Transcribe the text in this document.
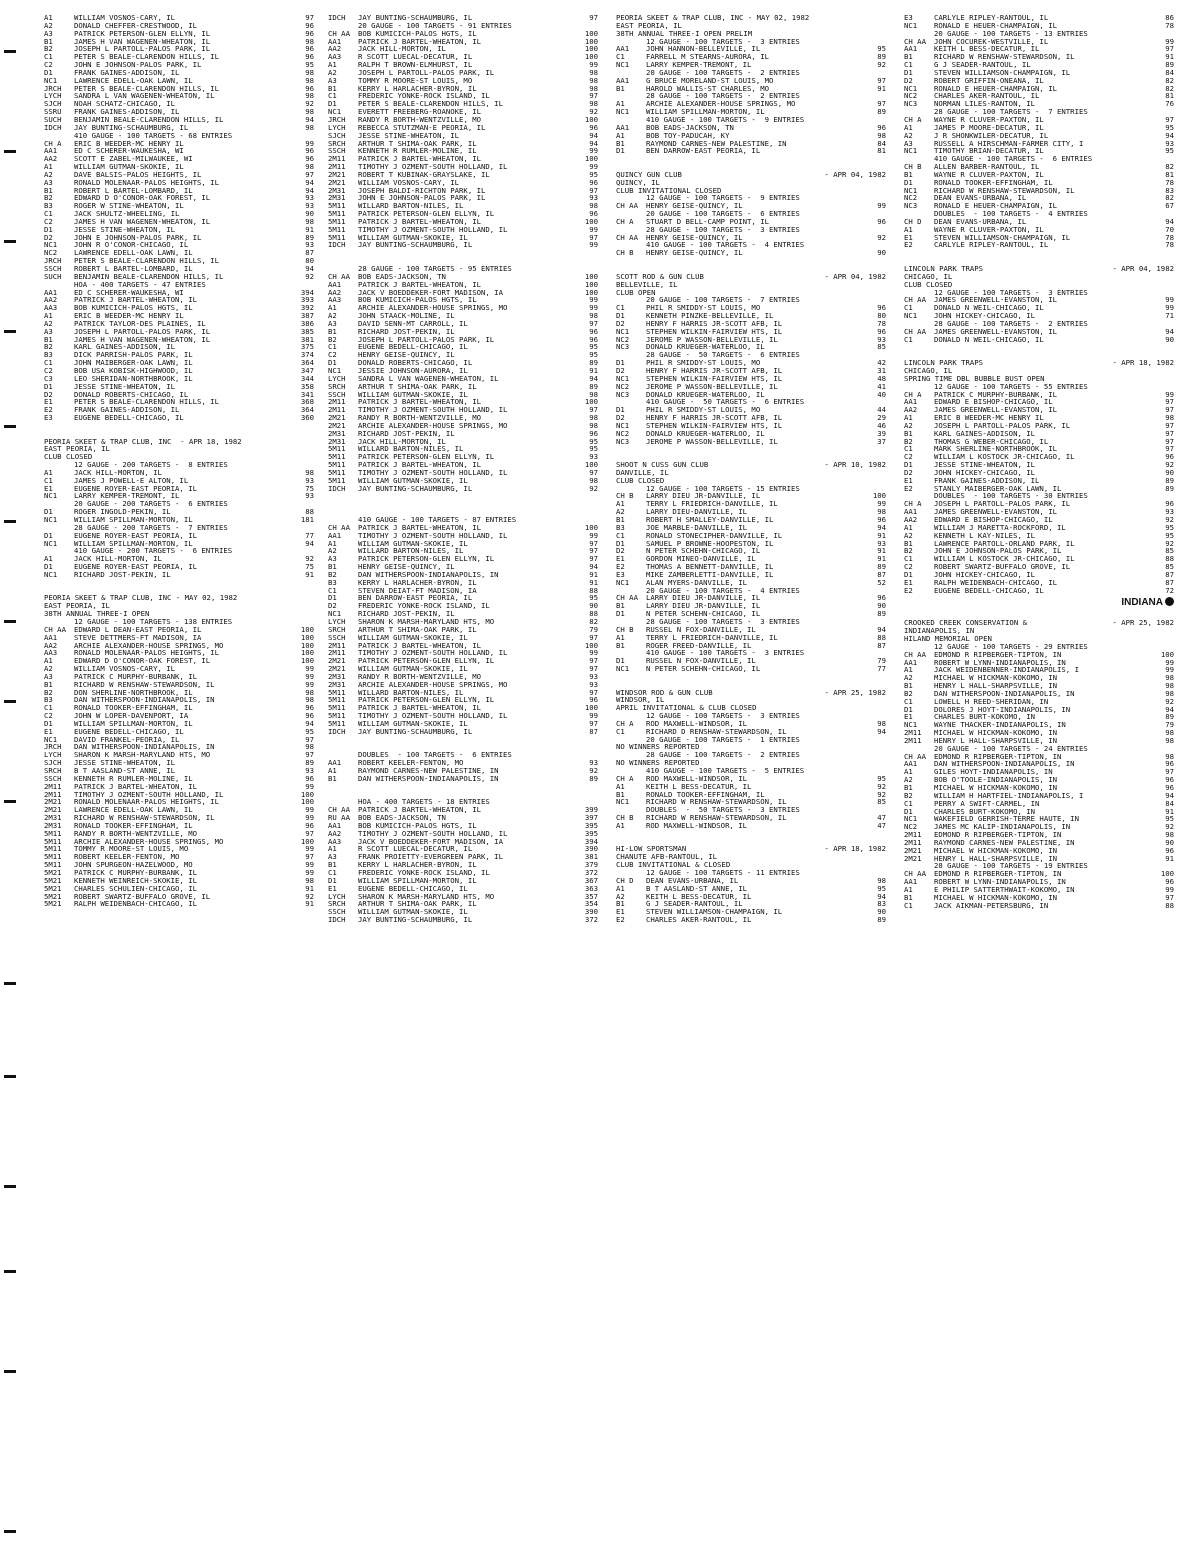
A1	WILLIAM VOSNOS-CARY, IL	97
A2	DONALD CHEFFER-CRESTWOOD, IL	96
A3	PATRICK PETERSON-GLEN ELLYN, IL	96
B1	JAMES H VAN WAGENEN-WHEATON, IL	98
B2	JOSEPH L PARTOLL-PALOS PARK, IL	96
C1	PETER S BEALE-CLARENDON HILLS, IL	96
C2	JOHN E JOHNSON-PALOS PARK, IL	95
D1	FRANK GAINES-ADDISON, IL	98
NC1	LAWRENCE EDELL-OAK LAWN, IL	98
JRCH	PETER S BEALE-CLARENDON HILLS, IL	96
LYCH	SANDRA L VAN WAGENEN-WHEATON, IL	98
SJCH	NOAH SCHATZ-CHICAGO, IL	92
SSRU	FRANK GAINES-ADDISON, IL	98
SUCH	BENJAMIN BEALE-CLARENDON HILLS, IL	94
IDCH	JAY BUNTING-SCHAUMBURG, IL	98
410 GAUGE - 100 TARGETS - 68 ENTRIES
CH A	ERIC B WEEDER-MC HENRY IL	99
AA1	ED C SCHERER-WAUKESHA, WI	96
AA2	SCOTT E ZABEL-MILWAUKEE, WI	96
A1	WILLIAM GUTMAN-SKOKIE, IL	98
A2	DAVE BALSIS-PALOS HEIGHTS, IL	97
A3	RONALD MOLENAAR-PALOS HEIGHTS, IL	94
B1	ROBERT L BARTEL-LOMBARD, IL	94
B2	EDWARD D O'CONOR-OAK FOREST, IL	93
B3	ROGER W STINE-WHEATON, IL	93
C1	JACK SHULTZ-WHEELING, IL	90
C2	JAMES H VAN WAGENEN-WHEATON, IL	98
D1	JESSE STINE-WHEATON, IL	91
D2	JOHN E JOHNSON-PALOS PARK, IL	89
NC1	JOHN R O'CONOR-CHICAGO, IL	93
NC2	LAWRENCE EDELL-OAK LAWN, IL	87
JRCH	PETER S BEALE-CLARENDON HILLS, IL	80
SSCH	ROBERT L BARTEL-LOMBARD, IL	94
SUCH	BENJAMIN BEALE-CLARENDON HILLS, IL	92
HOA - 400 TARGETS - 47 ENTRIES
AA1	ED C SCHERER-WAUKESHA, WI	394
AA2	PATRICK J BARTEL-WHEATON, IL	393
AA3	BOB KUMICICH-PALOS HGTS, IL	392
A1	ERIC B WEEDER-MC HENRY IL	387
A2	PATRICK TAYLOR-DES PLAINES, IL	386
A3	JOSEPH L PARTOLL-PALOS PARK, IL	385
B1	JAMES H VAN WAGENEN-WHEATON, IL	381
B2	KARL GAINES-ADDISON, IL	375
B3	DICK PARRISH-PALOS PARK, IL	374
C1	JOHN MAIBERGER-OAK LAWN, IL	364
C2	BOB USA KOBISK-HIGHWOOD, IL	347
C3	LEO SHERIDAN-NORTHBROOK, IL	344
D1	JESSE STINE-WHEATON, IL	358
D2	DONALD ROBERTS-CHICAGO, IL	341
E1	PETER S BEALE-CLARENDON HILLS, IL	368
E2	FRANK GAINES-ADDISON, IL	364
E3	EUGENE BEDELL-CHICAGO, IL	360
PEORIA SKEET & TRAP CLUB, INC  - APR 18, 1982
EAST PEORIA, IL
CLUB CLOSED
12 GAUGE - 200 TARGETS -  8 ENTRIES
A1	JACK HILL-MORTON, IL	98
C1	JAMES J POWELL-E ALTON, IL	93
E1	EUGENE ROYER-EAST PEORIA, IL	75
NC1	LARRY KEMPER-TREMONT, IL	93
20 GAUGE - 200 TARGETS -  6 ENTRIES
D1	ROGER INGOLD-PEKIN, IL	88
NC1	WILLIAM SPILLMAN-MORTON, IL	181
28 GAUGE - 200 TARGETS -  7 ENTRIES
D1	EUGENE ROYER-EAST PEORIA, IL	77
NC1	WILLIAM SPILLMAN-MORTON, IL	94
410 GAUGE - 200 TARGETS -  6 ENTRIES
A1	JACK HILL-MORTON, IL	92
D1	EUGENE ROYER-EAST PEORIA, IL	75
NC1	RICHARD JOST-PEKIN, IL	91
PEORIA SKEET & TRAP CLUB, INC - MAY 02, 1982
EAST PEORIA, IL
38TH ANNUAL THREE-I OPEN
12 GAUGE - 100 TARGETS - 138 ENTRIES
CH AA	EDWARD L DEAN-EAST PEORIA, IL	100
AA1	STEVE DETTMERS-FT MADISON, IA	100
AA2	ARCHIE ALEXANDER-HOUSE SPRINGS, MO	100
AA3	RONALD MOLENAAR-PALOS HEIGHTS, IL	100
A1	EDWARD D O'CONOR-OAK FOREST, IL	100
A2	WILLIAM VOSNOS-CARY, IL	99
A3	PATRICK C MURPHY-BURBANK, IL	99
B1	RICHARD W RENSHAW-STEWARDSON, IL	99
B2	DON SHERLINE-NORTHBROOK, IL	98
B3	DAN WITHERSPOON-INDIANAPOLIS, IN	98
C1	RONALD TOOKER-EFFINGHAM, IL	96
C2	JOHN W LOPER-DAVENPORT, IA	96
D1	WILLIAM SPILLMAN-MORTON, IL	94
E1	EUGENE BEDELL-CHICAGO, IL	95
NC1	DAVID FRANKEL-PEORIA, IL	97
JRCH	DAN WITHERSPOON-INDIANAPOLIS, IN	98
LYCH	SHARON K MARSH-MARYLAND HTS, MO	97
SJCH	JESSE STINE-WHEATON, IL	89
SRCH	B T AASLAND-ST ANNE, IL	93
SSCH	KENNETH R RUMLER-MOLINE, IL	96
2M11	PATRICK J BARTEL-WHEATON, IL	99
2M11	TIMOTHY J OZMENT-SOUTH HOLLAND, IL	100
2M21	RONALD MOLENAAR-PALOS HEIGHTS, IL	100
2M21	LAWRENCE EDELL-OAK LAWN, IL	99
2M31	RICHARD W RENSHAW-STEWARDSON, IL	99
2M31	RONALD TOOKER-EFFINGHAM, IL	96
5M11	RANDY R BORTH-WENTZVILLE, MO	97
5M11	ARCHIE ALEXANDER-HOUSE SPRINGS, MO	100
5M11	TOMMY R MOORE-ST LOUIS, MO	99
5M11	ROBERT KEELER-FENTON, MO	97
5M11	JOHN SPURGEON-HAZELWOOD, MO	99
5M21	PATRICK C MURPHY-BURBANK, IL	99
5M21	KENNETH WEINREICH-SKOKIE, IL	98
5M21	CHARLES SCHULIEN-CHICAGO, IL	91
5M21	ROBERT SWARTZ-BUFFALO GROVE, IL	92
5M21	RALPH WEIDENBACH-CHICAGO, IL	91
IDCH	JAY BUNTING-SCHAUMBURG, IL	97
20 GAUGE - 100 TARGETS - 91 ENTRIES
CH AA	BOB KUMICICH-PALOS HGTS, IL	100
AA1	PATRICK J BARTEL-WHEATON, IL	100
AA2	JACK HILL-MORTON, IL	100
AA3	R SCOTT LUECAL-DECATUR, IL	100
A1	RALPH T BROWN-ELMHURST, IL	99
A2	JOSEPH L PARTOLL-PALOS PARK, IL	98
A3	TOMMY R MOORE-ST LOUIS, MO	98
B1	KERRY L HARLACHER-BYRON, IL	98
C1	FREDERIC YONKE-ROCK ISLAND, IL	97
D1	PETER S BEALE-CLARENDON HILLS, IL	98
NC1	EVERETT FREEBERG-ROANOKE, IL	92
JRCH	RANDY R BORTH-WENTZVILLE, MO	100
LYCH	REBECCA STUTZMAN-E PEORIA, IL	96
SJCH	JESSE STINE-WHEATON, IL	94
SRCH	ARTHUR T SHIMA-OAK PARK, IL	94
SSCH	KENNETH R RUMLER-MOLINE, IL	99
2M11	PATRICK J BARTEL-WHEATON, IL	100
2M11	TIMOTHY J OZMENT-SOUTH HOLLAND, IL	99
2M21	ROBERT T KUBINAK-GRAYSLAKE, IL	95
2M21	WILLIAM VOSNOS-CARY, IL	96
2M31	JOSEPH BALDI-RICHTON PARK, IL	97
2M31	JOHN E JOHNSON-PALOS PARK, IL	93
5M11	WILLARD BARTON-NILES, IL	98
5M11	PATRICK PETERSON-GLEN ELLYN, IL	96
5M11	PATRICK J BARTEL-WHEATON, IL	100
5M11	TIMOTHY J OZMENT-SOUTH HOLLAND, IL	99
5M11	WILLIAM GUTMAN-SKOKIE, IL	97
IDCH	JAY BUNTING-SCHAUMBURG, IL	99
28 GAUGE - 100 TARGETS - 95 ENTRIES
CH AA	BOB EADS-JACKSON, TN	100
AA1	PATRICK J BARTEL-WHEATON, IL	100
AA2	JACK V BOEDDEKER-FORT MADISON, IA	100
AA3	BOB KUMICICH-PALOS HGTS, IL	99
A1	ARCHIE ALEXANDER-HOUSE SPRINGS, MO	99
A2	JOHN STAACK-MOLINE, IL	98
A3	DAVID SENN-MT CARROLL, IL	97
B1	RICHARD JOST-PEKIN, IL	96
B2	JOSEPH L PARTOLL-PALOS PARK, IL	96
C1	EUGENE BEDELL-CHICAGO, IL	95
C2	HENRY GEISE-QUINCY, IL	95
D1	DONALD ROBERTS-CHICAGO, IL	89
NC1	JESSIE JOHNSON-AURORA, IL	91
LYCH	SANDRA L VAN WAGENEN-WHEATON, IL	94
SRCH	ARTHUR T SHIMA-OAK PARK, IL	89
SSCH	WILLIAM GUTMAN-SKOKIE, IL	98
2M11	PATRICK J BARTEL-WHEATON, IL	100
2M11	TIMOTHY J OZMENT-SOUTH HOLLAND, IL	97
2M21	RANDY R BORTH-WENTZVILLE, MO	98
2M21	ARCHIE ALEXANDER-HOUSE SPRINGS, MO	98
2M31	RICHARD JOST-PEKIN, IL	96
2M31	JACK HILL-MORTON, IL	95
5M11	WILLARD BARTON-NILES, IL	95
5M11	PATRICK PETERSON-GLEN ELLYN, IL	93
5M11	PATRICK J BARTEL-WHEATON, IL	100
5M11	TIMOTHY J OZMENT-SOUTH HOLLAND, IL	97
5M11	WILLIAM GUTMAN-SKOKIE, IL	98
IDCH	JAY BUNTING-SCHAUMBURG, IL	92
410 GAUGE - 100 TARGETS - 87 ENTRIES
CH AA	PATRICK J BARTEL-WHEATON, IL	100
AA1	TIMOTHY J OZMENT-SOUTH HOLLAND, IL	99
A1	WILLIAM GUTMAN-SKOKIE, IL	97
A2	WILLARD BARTON-NILES, IL	97
A3	PATRICK PETERSON-GLEN ELLYN, IL	97
B1	HENRY GEISE-QUINCY, IL	94
B2	DAN WITHERSPOON-INDIANAPOLIS, IN	91
B3	KERRY L HARLACHER-BYRON, IL	91
C1	STEVEN DEIAT-FT MADISON, IA	88
D1	BEN DARROW-EAST PEORIA, IL	95
D2	FREDERIC YONKE-ROCK ISLAND, IL	90
NC1	RICHARD JOST-PEKIN, IL	88
LYCH	SHARON K MARSH-MARYLAND HTS, MO	82
SRCH	ARTHUR T SHIMA-OAK PARK, IL	79
SSCH	WILLIAM GUTMAN-SKOKIE, IL	97
2M11	PATRICK J BARTEL-WHEATON, IL	100
2M11	TIMOTHY J OZMENT-SOUTH HOLLAND, IL	99
2M21	PATRICK PETERSON-GLEN ELLYN, IL	97
2M21	WILLIAM GUTMAN-SKOKIE, IL	97
2M31	RANDY R BORTH-WENTZVILLE, MO	93
2M31	ARCHIE ALEXANDER-HOUSE SPRINGS, MO	93
5M11	WILLARD BARTON-NILES, IL	97
5M11	PATRICK PETERSON-GLEN ELLYN, IL	96
5M11	PATRICK J BARTEL-WHEATON, IL	100
5M11	TIMOTHY J OZMENT-SOUTH HOLLAND, IL	99
5M11	WILLIAM GUTMAN-SKOKIE, IL	97
IDCH	JAY BUNTING-SCHAUMBURG, IL	87
DOUBLES  - 100 TARGETS -  6 ENTRIES
AA1	ROBERT KEELER-FENTON, MO	93
A1	RAYMOND CARNES-NEW PALESTINE, IN	92
B1	DAN WITHERSPOON-INDIANAPOLIS, IN	89
HOA - 400 TARGETS - 18 ENTRIES
CH AA	PATRICK J BARTEL-WHEATON, IL	399
RU AA	BOB EADS-JACKSON, TN	397
AA1	BOB KUMICICH-PALOS HGTS, IL	395
AA2	TIMOTHY J OZMENT-SOUTH HOLLAND, IL	395
AA3	JACK V BOEDDEKER-FORT MADISON, IA	394
A1	R SCOTT LUECAL-DECATUR, IL	390
A3	FRANK PROIETTY-EVERGREEN PARK, IL	381
B1	KERRY L HARLACHER-BYRON, IL	379
C1	FREDERIC YONKE-ROCK ISLAND, IL	372
D1	WILLIAM SPILLMAN-MORTON, IL	367
E1	EUGENE BEDELL-CHICAGO, IL	363
LYCH	SHARON K MARSH-MARYLAND HTS, MO	357
SRCH	ARTHUR T SHIMA-OAK PARK, IL	354
SSCH	WILLIAM GUTMAN-SKOKIE, IL	390
IDCH	JAY BUNTING-SCHAUMBURG, IL	372
PEORIA SKEET & TRAP CLUB, INC - MAY 02, 1982
EAST PEORIA, IL
38TH ANNUAL THREE-I OPEN PRELIM
12 GAUGE - 100 TARGETS -  3 ENTRIES
AA1	JOHN HANNON-BELLEVILLE, IL	95
C1	FARRELL M STEARNS-AURORA, IL	89
NC1	LARRY KEMPER-TREMONT, IL	92
20 GAUGE - 100 TARGETS -  2 ENTRIES
AA1	G BRUCE MORELAND-ST LOUIS, MO	97
B1	HAROLD WALLIS-ST CHARLES, MO	91
28 GAUGE - 100 TARGETS -  2 ENTRIES
A1	ARCHIE ALEXANDER-HOUSE SPRINGS, MO	97
NC1	WILLIAM SPILLMAN-MORTON, IL	89
410 GAUGE - 100 TARGETS -  9 ENTRIES
AA1	BOB EADS-JACKSON, TN	96
A1	BOB TOY-PADUCAH, KY	98
B1	RAYMOND CARNES-NEW PALESTINE, IN	84
D1	BEN DARROW-EAST PEORIA, IL	81
QUINCY GUN CLUB	- APR 04, 1982
QUINCY, IL
CLUB INVITATIONAL CLOSED
12 GAUGE - 100 TARGETS -  9 ENTRIES
CH AA	HENRY GEISE-QUINCY, IL	99
20 GAUGE - 100 TARGETS -  6 ENTRIES
CH A	STUART D BELL-CAMP POINT, IL	96
28 GAUGE - 100 TARGETS -  3 ENTRIES
CH AA	HENRY GEISE-QUINCY, IL	92
410 GAUGE - 100 TARGETS -  4 ENTRIES
CH B	HENRY GEISE-QUINCY, IL	90
SCOTT ROD & GUN CLUB	- APR 04, 1982
BELLEVILLE, IL
CLUB OPEN
20 GAUGE - 100 TARGETS -  7 ENTRIES
C1	PHIL R SMIDDY-ST LOUIS, MO	96
D1	KENNETH PINZKE-BELLEVILLE, IL	80
D2	HENRY F HARRIS JR-SCOTT AFB, IL	78
NC1	STEPHEN WILKIN-FAIRVIEW HTS, IL	96
NC2	JEROME P WASSON-BELLEVILLE, IL	93
NC3	DONALD KRUEGER-WATERLOO, IL	85
28 GAUGE -  50 TARGETS -  6 ENTRIES
D1	PHIL R SMIDDY-ST LOUIS, MO	42
D2	HENRY F HARRIS JR-SCOTT AFB, IL	31
NC1	STEPHEN WILKIN-FAIRVIEW HTS, IL	48
NC2	JEROME P WASSON-BELLEVILLE, IL	41
NC3	DONALD KRUEGER-WATERLOO, IL	40
410 GAUGE -  50 TARGETS -  6 ENTRIES
D1	PHIL R SMIDDY-ST LOUIS, MO	44
D2	HENRY F HARRIS JR-SCOTT AFB, IL	29
NC1	STEPHEN WILKIN-FAIRVIEW HTS, IL	46
NC2	DONALD KRUEGER-WATERLOO, IL	39
NC3	JEROME P WASSON-BELLEVILLE, IL	37
SHOOT N CUSS GUN CLUB	- APR 10, 1982
DANVILLE, IL
CLUB CLOSED
12 GAUGE - 100 TARGETS - 15 ENTRIES
CH B	LARRY DIEU JR-DANVILLE, IL	100
A1	TERRY L FRIEDRICH-DANVILLE, IL	99
A2	LARRY DIEU-DANVILLE, IL	98
B1	ROBERT H SMALLEY-DANVILLE, IL	96
B3	JOE MARBLE-DANVILLE, IL	94
C1	RONALD STONECIPHER-DANVILLE, IL	91
D1	SAMUEL P BROWNE-HOOPESTON, IL	93
D2	N PETER SCHEHN-CHICAGO, IL	91
E1	GORDON MINEO-DANVILLE, IL	91
E2	THOMAS A BENNETT-DANVILLE, IL	89
E3	MIKE ZAMBERLETTI-DANVILLE, IL	87
NC1	ALAN MYERS-DANVILLE, IL	52
20 GAUGE - 100 TARGETS -  4 ENTRIES
CH AA	LARRY DIEU JR-DANVILLE, IL	96
B1	LARRY DIEU JR-DANVILLE, IL	90
D1	N PETER SCHEHN-CHICAGO, IL	89
28 GAUGE - 100 TARGETS -  3 ENTRIES
CH B	RUSSEL N FOX-DANVILLE, IL	94
A1	TERRY L FRIEDRICH-DANVILLE, IL	88
B1	ROGER FREED-DANVILLE, IL	87
410 GAUGE - 100 TARGETS -  3 ENTRIES
D1	RUSSEL N FOX-DANVILLE, IL	79
NC1	N PETER SCHEHN-CHICAGO, IL	77
WINDSOR ROD & GUN CLUB	- APR 25, 1982
WINDSOR, IL
APRIL INVITATIONAL & CLUB CLOSED
12 GAUGE - 100 TARGETS -  3 ENTRIES
CH A	ROD MAXWELL-WINDSOR, IL	98
C1	RICHARD D RENSHAW-STEWARDSON, IL	94
20 GAUGE - 100 TARGETS -  1 ENTRIES
NO WINNERS REPORTED
28 GAUGE - 100 TARGETS -  2 ENTRIES
NO WINNERS REPORTED
410 GAUGE - 100 TARGETS -  5 ENTRIES
CH A	ROD MAXWELL-WINDSOR, IL	95
A1	KEITH L BESS-DECATUR, IL	92
B1	RONALD TOOKER-EFFINGHAM, IL	92
NC1	RICHARD W RENSHAW-STEWARDSON, IL	85
DOUBLES  -  50 TARGETS -  3 ENTRIES
CH B	RICHARD W RENSHAW-STEWARDSON, IL	47
A1	ROD MAXWELL-WINDSOR, IL	47
HI-LOW SPORTSMAN	- APR 18, 1982
CHANUTE AFB-RANTOUL, IL
CLUB INVITATIONAL & CLOSED
12 GAUGE - 100 TARGETS - 11 ENTRIES
CH D	DEAN EVANS-URBANA, IL	98
A1	B T AASLAND-ST ANNE, IL	95
A2	KEITH L BESS-DECATUR, IL	94
B1	G J SEADER-RANTOUL, IL	83
E1	STEVEN WILLIAMSON-CHAMPAIGN, IL	90
E2	CHARLES AKER-RANTOUL, IL	89
E3	CARLYLE RIPLEY-RANTOUL, IL	86
NC1	RONALD E HEUER-CHAMPAIGN, IL	78
20 GAUGE - 100 TARGETS - 13 ENTRIES
CH AA	JOHN COCUREK-WESTVILLE, IL	99
AA1	KEITH L BESS-DECATUR, IL	97
B1	RICHARD W RENSHAW-STEWARDSON, IL	91
C1	G J SEADER-RANTOUL, IL	89
D1	STEVEN WILLIAMSON-CHAMPAIGN, IL	84
D2	ROBERT GRIFFIN-ONEANA, IL	82
NC1	RONALD E HEUER-CHAMPAIGN, IL	82
NC2	CHARLES AKER-RANTOUL, IL	81
NC3	NORMAN LILES-RANTON, IL	76
28 GAUGE - 100 TARGETS -  7 ENTRIES
CH A	WAYNE R CLUVER-PAXTON, IL	97
A1	JAMES P MOORE-DECATUR, IL	95
A2	J R SHONKWILER-DECATUR, IL	94
A3	RUSSELL A HIRSCHMAN-FARMER CITY, I	93
NC1	TIMOTHY BRIAN-DECATUR, IL	95
410 GAUGE - 100 TARGETS -  6 ENTRIES
CH B	ALLEN BARBER-RANTOUL, IL	82
B1	WAYNE R CLUVER-PAXTON, IL	81
D1	RONALD TOOKER-EFFINGHAM, IL	78
NC1	RICHARD W RENSHAW-STEWARDSON, IL	83
NC2	DEAN EVANS-URBANA, IL	82
NC3	RONALD E HEUER-CHAMPAIGN, IL	67
DOUBLES  - 100 TARGETS -  4 ENTRIES
CH D	DEAN EVANS-URBANA, IL	94
A1	WAYNE R CLUVER-PAXTON, IL	70
E1	STEVEN WILLIAMSON-CHAMPAIGN, IL	78
E2	CARLYLE RIPLEY-RANTOUL, IL	78
LINCOLN PARK TRAPS	- APR 04, 1982
CHICAGO, IL
CLUB CLOSED
12 GAUGE - 100 TARGETS -  3 ENTRIES
CH AA	JAMES GREENWELL-EVANSTON, IL	99
C1	DONALD N WEIL-CHICAGO, IL	99
NC1	JOHN HICKEY-CHICAGO, IL	71
28 GAUGE - 100 TARGETS -  2 ENTRIES
CH AA	JAMES GREENWELL-EVANSTON, IL	94
C1	DONALD N WEIL-CHICAGO, IL	90
LINCOLN PARK TRAPS	- APR 18, 1982
CHICAGO, IL
SPRING TIME DBL BUBBLE BUST OPEN
12 GAUGE - 100 TARGETS - 55 ENTRIES
CH A	PATRICK C MURPHY-BURBANK, IL	99
AA1	EDWARD E BISHOP-CHICAGO, IL	97
AA2	JAMES GREENWELL-EVANSTON, IL	97
A1	ERIC B WEEDER-MC HENRY IL	98
A2	JOSEPH L PARTOLL-PALOS PARK, IL	97
B1	KARL GAINES-ADDISON, IL	97
B2	THOMAS G WEBER-CHICAGO, IL	97
C1	MARK SHERLINE-NORTHBROOK, IL	97
C2	WILLIAM L KOSTOCK JR-CHICAGO, IL	96
D1	JESSE STINE-WHEATON, IL	92
D2	JOHN HICKEY-CHICAGO, IL	90
E1	FRANK GAINES-ADDISON, IL	89
E2	STANLY MAIBERGER-OAK LAWN, IL	89
DOUBLES  - 100 TARGETS - 30 ENTRIES
CH A	JOSEPH L PARTOLL-PALOS PARK, IL	96
AA1	JAMES GREENWELL-EVANSTON, IL	93
AA2	EDWARD E BISHOP-CHICAGO, IL	92
A1	WILLIAM J MARETTA-ROCKFORD, IL	95
A2	KENNETH L KAY-NILES, IL	95
B1	LAWRENCE PARTOLL-ORLAND PARK, IL	92
B2	JOHN E JOHNSON-PALOS PARK, IL	85
C1	WILLIAM L KOSTOCK JR-CHICAGO, IL	88
C2	ROBERT SWARTZ-BUFFALO GROVE, IL	85
D1	JOHN HICKEY-CHICAGO, IL	87
E1	RALPH WEIDENBACH-CHICAGO, IL	87
E2	EUGENE BEDELL-CHICAGO, IL	72
INDIANA
CROOKED CREEK CONSERVATION &	- APR 25, 1982
INDIANAPOLIS, IN
HILAND MEMORIAL OPEN
12 GAUGE - 100 TARGETS - 29 ENTRIES
CH AA	EDMOND R RIPBERGER-TIPTON, IN	100
AA1	ROBERT W LYNN-INDIANAPOLIS, IN	99
A1	JACK WEIDENBENNER-INDIANAPOLIS, I	99
A2	MICHAEL W HICKMAN-KOKOMO, IN	98
B1	HENRY L HALL-SHARPSVILLE, IN	98
B2	DAN WITHERSPOON-INDIANAPOLIS, IN	98
C1	LOWELL H REED-SHERIDAN, IN	92
D1	DOLORES J HOYT-INDIANAPOLIS, IN	94
E1	CHARLES BURT-KOKOMO, IN	89
NC1	WAYNE THACKER-INDIANAPOLIS, IN	79
2M11	MICHAEL W HICKMAN-KOKOMO, IN	98
2M11	HENRY L HALL-SHARPSVILLE, IN	98
20 GAUGE - 100 TARGETS - 24 ENTRIES
CH AA	EDMOND R RIPBERGER-TIPTON, IN	98
AA1	DAN WITHERSPOON-INDIANAPOLIS, IN	96
A1	GILES HOYT-INDIANAPOLIS, IN	97
A2	BOB O'TOOLE-INDIANAPOLIS, IN	96
B1	MICHAEL W HICKMAN-KOKOMO, IN	96
B2	WILLIAM H HARTFIEL-INDIANAPOLIS, I	94
C1	PERRY A SWIFT-CARMEL, IN	84
D1	CHARLES BURT-KOKOMO, IN	91
NC1	WAKEFIELD GERRISH-TERRE HAUTE, IN	95
NC2	JAMES MC KALIP-INDIANAPOLIS, IN	92
2M11	EDMOND R RIPBERGER-TIPTON, IN	98
2M11	RAYMOND CARNES-NEW PALESTINE, IN	90
2M21	MICHAEL W HICKMAN-KOKOMO, IN	96
2M21	HENRY L HALL-SHARPSVILLE, IN	91
28 GAUGE - 100 TARGETS - 19 ENTRIES
CH AA	EDMOND R RIPBERGER-TIPTON, IN	100
AA1	ROBERT W LYNN-INDIANAPOLIS, IN	96
A1	E PHILIP SATTERTHWAIT-KOKOMO, IN	99
B1	MICHAEL W HICKMAN-KOKOMO, IN	97
C1	JACK AIKMAN-PETERSBURG, IN	88
